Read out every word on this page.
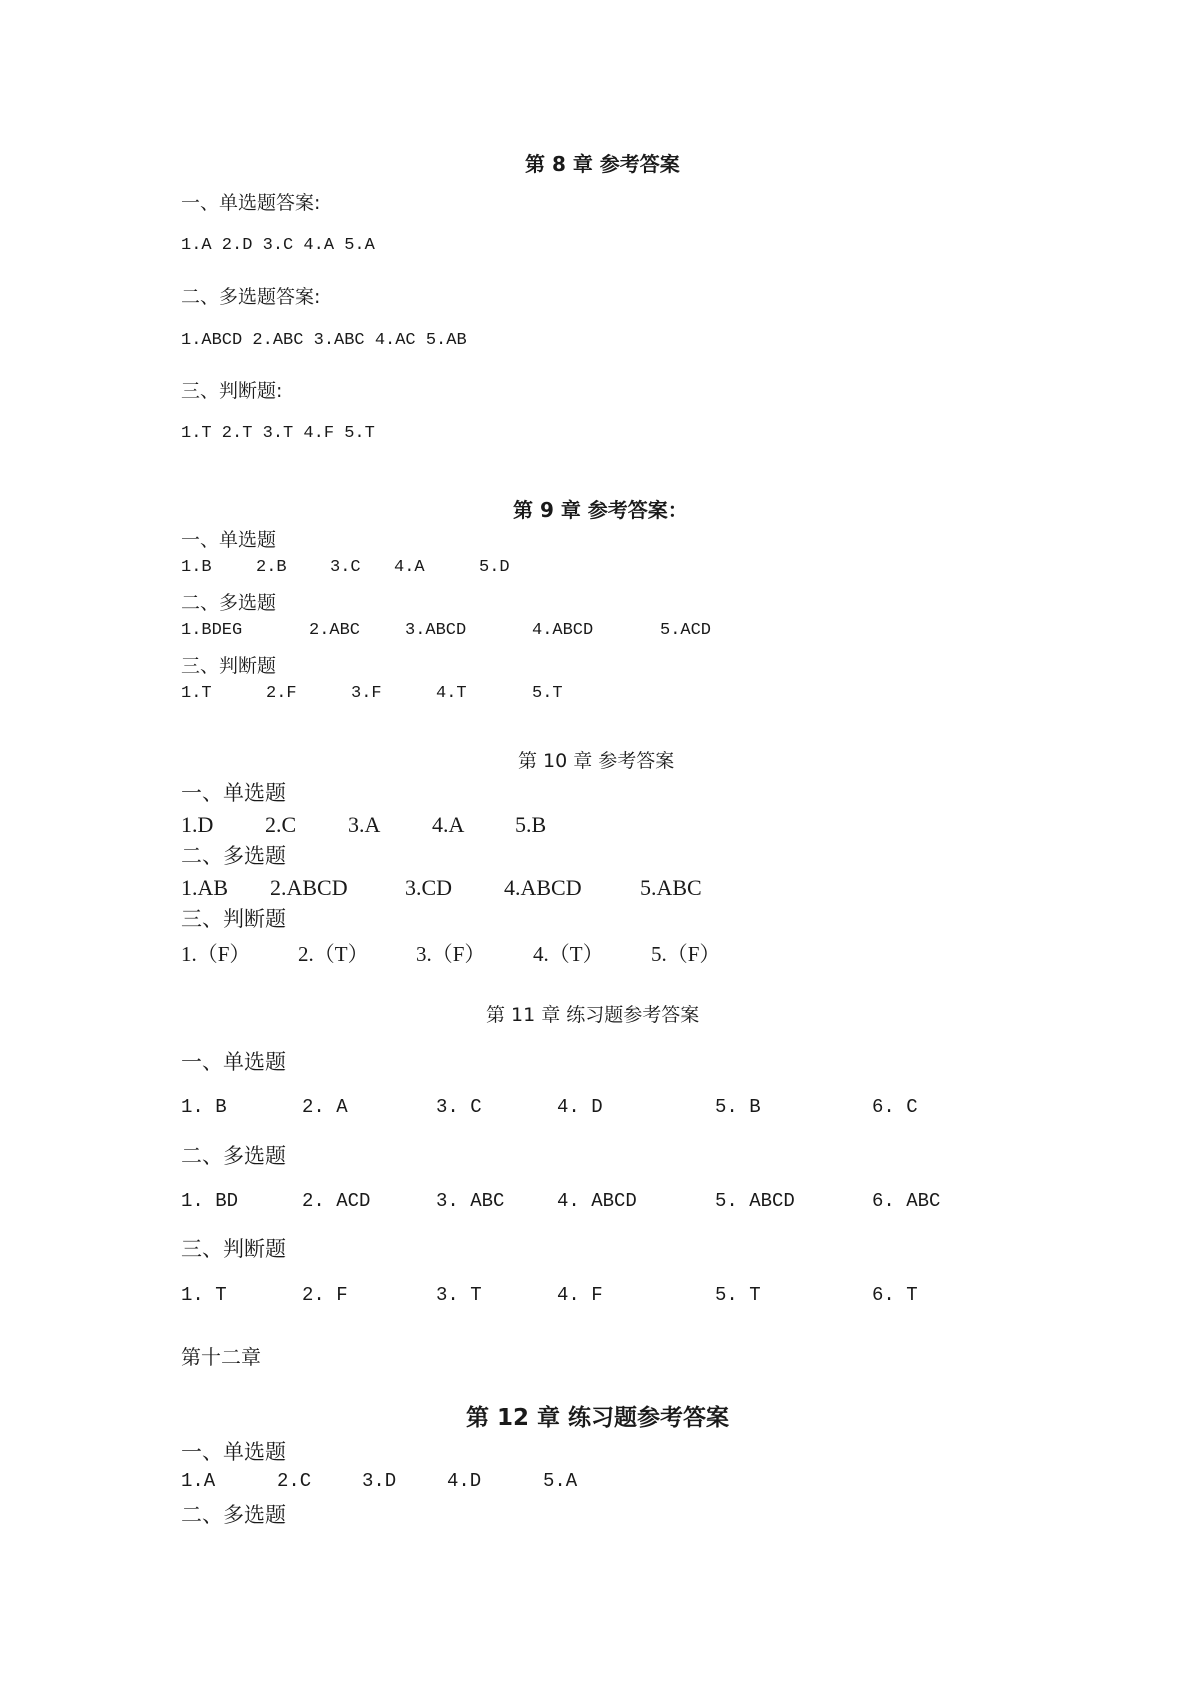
第 8 章 参考答案
一、单选题答案:
1.A 2.D 3.C 4.A 5.A
二、多选题答案:
1.ABCD 2.ABC 3.ABC 4.AC 5.AB
三、判断题:
1.T 2.T 3.T 4.F 5.T
第 9 章 参考答案：
一、单选题
1.B	2.B	3.C 4.A	5.D
二、多选题
1.BDEG	2.ABC	3.ABCD	4.ABCD	5.ACD
三、判断题
1.T	2.F	3.F	4.T	5.T
第 10 章 参考答案
一、单选题
1.D 2.C 3.A 4.A 5.B
二、多选题
1.AB 2.ABCD	3.CD 4.ABCD	5.ABC
三、判断题
1.（F） 2.（T） 3.（F） 4.（T） 5.（F）
第 11 章 练习题参考答案
一、单选题
1. B	2. A	3. C	4. D	5. B	6. C
二、多选题
1. BD	2. ACD	3. ABC	4. ABCD	5. ABCD	6. ABC
三、判断题
1. T	2. F	3. T	4. F	5. T	6. T
第十二章
第 12 章 练习题参考答案
一、单选题
1.A	2.C	3.D	4.D	5.A
二、多选题
